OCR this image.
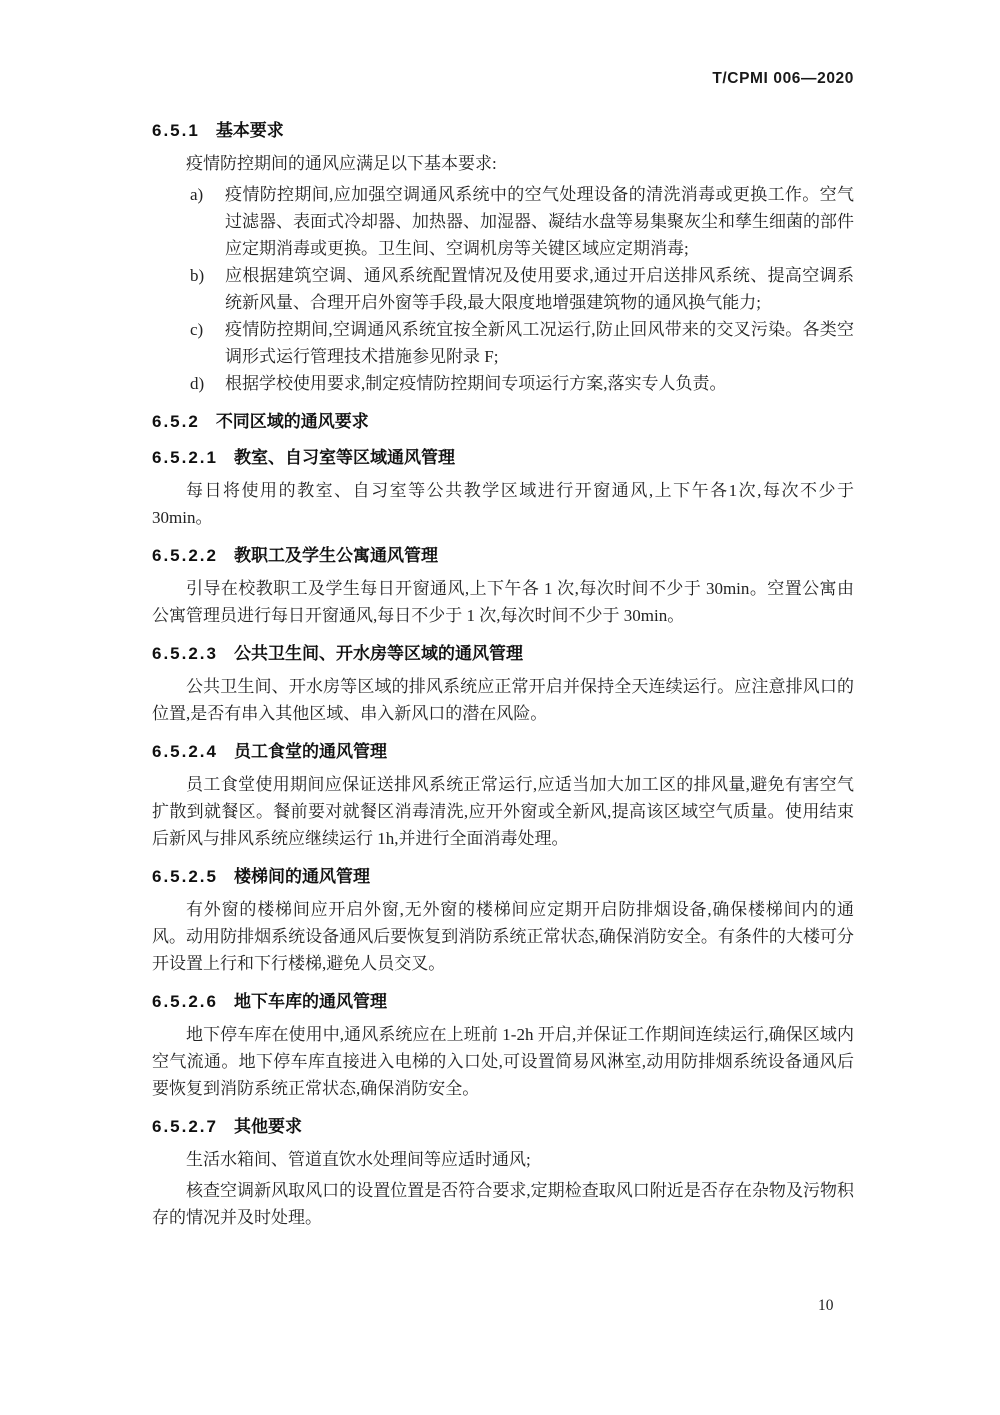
T/CPMI 006—2020
6.5.1 基本要求

疫情防控期间的通风应满足以下基本要求:

a) 疫情防控期间,应加强空调通风系统中的空气处理设备的清洗消毒或更换工作。空气过滤器、表面式冷却器、加热器、加湿器、凝结水盘等易集聚灰尘和孳生细菌的部件应定期消毒或更换。卫生间、空调机房等关键区域应定期消毒;
b) 应根据建筑空调、通风系统配置情况及使用要求,通过开启送排风系统、提高空调系统新风量、合理开启外窗等手段,最大限度地增强建筑物的通风换气能力;
c) 疫情防控期间,空调通风系统宜按全新风工况运行,防止回风带来的交叉污染。各类空调形式运行管理技术措施参见附录 F;
d) 根据学校使用要求,制定疫情防控期间专项运行方案,落实专人负责。
6.5.2 不同区域的通风要求
6.5.2.1 教室、自习室等区域通风管理

每日将使用的教室、自习室等公共教学区域进行开窗通风,上下午各1次,每次不少于30min。

6.5.2.2 教职工及学生公寓通风管理

引导在校教职工及学生每日开窗通风,上下午各 1 次,每次时间不少于 30min。空置公寓由公寓管理员进行每日开窗通风,每日不少于 1 次,每次时间不少于 30min。

6.5.2.3 公共卫生间、开水房等区域的通风管理

公共卫生间、开水房等区域的排风系统应正常开启并保持全天连续运行。应注意排风口的位置,是否有串入其他区域、串入新风口的潜在风险。

6.5.2.4 员工食堂的通风管理

员工食堂使用期间应保证送排风系统正常运行,应适当加大加工区的排风量,避免有害空气扩散到就餐区。餐前要对就餐区消毒清洗,应开外窗或全新风,提高该区域空气质量。使用结束后新风与排风系统应继续运行 1h,并进行全面消毒处理。

6.5.2.5 楼梯间的通风管理

有外窗的楼梯间应开启外窗,无外窗的楼梯间应定期开启防排烟设备,确保楼梯间内的通风。动用防排烟系统设备通风后要恢复到消防系统正常状态,确保消防安全。有条件的大楼可分开设置上行和下行楼梯,避免人员交叉。

6.5.2.6 地下车库的通风管理

地下停车库在使用中,通风系统应在上班前 1-2h 开启,并保证工作期间连续运行,确保区域内空气流通。地下停车库直接进入电梯的入口处,可设置简易风淋室,动用防排烟系统设备通风后要恢复到消防系统正常状态,确保消防安全。

6.5.2.7 其他要求

生活水箱间、管道直饮水处理间等应适时通风;

核查空调新风取风口的设置位置是否符合要求,定期检查取风口附近是否存在杂物及污物积存的情况并及时处理。

10
